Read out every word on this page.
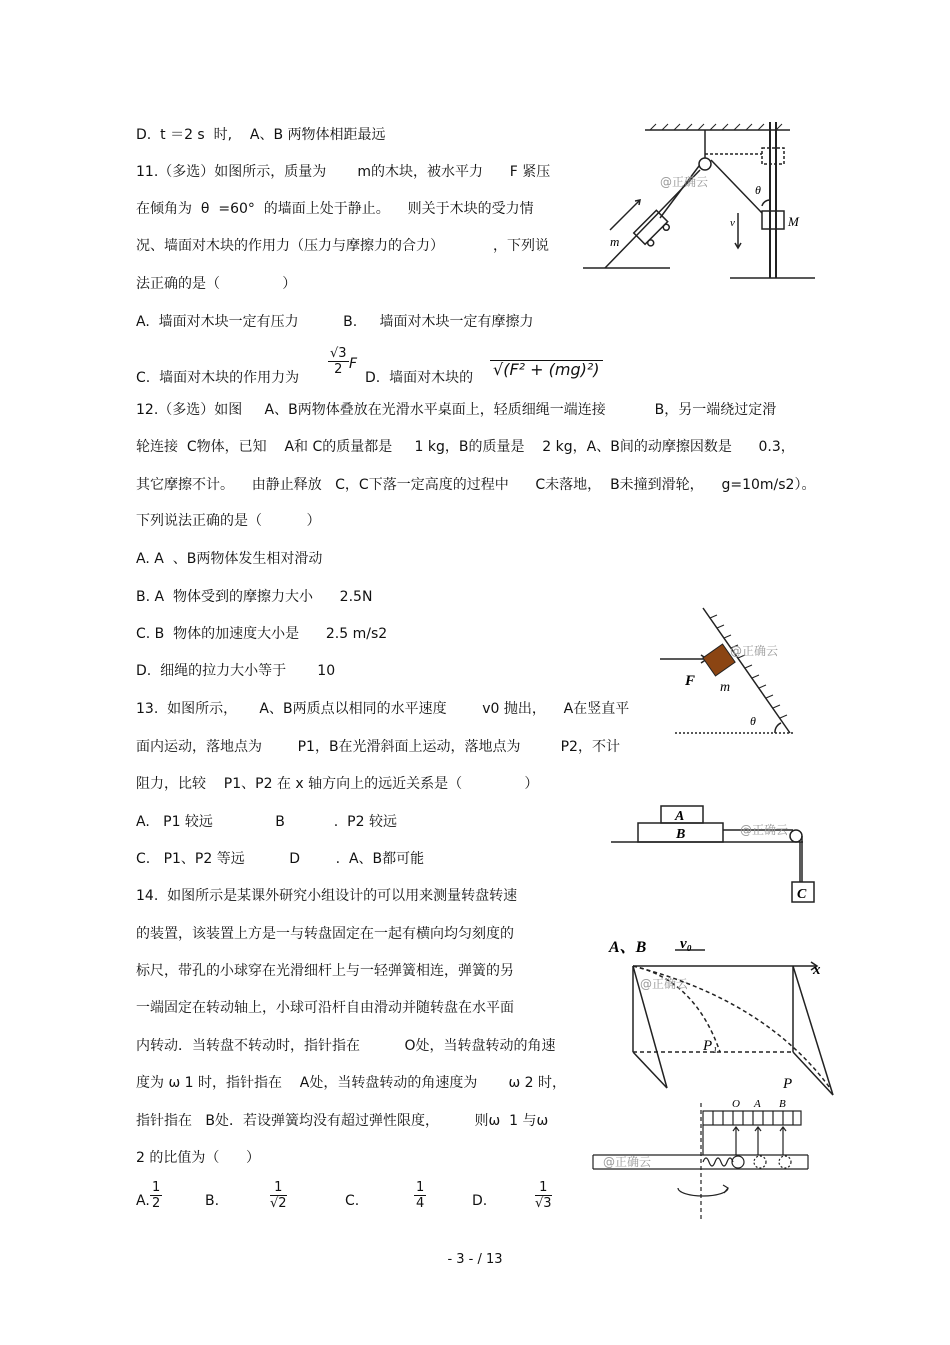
D.  t ＝2 s  时,    A、B 两物体相距最远
11.（多选）如图所示，质量为       m的木块，被水平力      F 紧压
在倾角为  θ  =60°  的墙面上处于静止。    则关于木块的受力情
况、墙面对木块的作用力（压力与摩擦力的合力）           ，下列说
法正确的是（              ）
A.  墙面对木块一定有压力          B.     墙面对木块一定有摩擦力
C.  墙面对木块的作用力为
$\frac{√3}{2}$ F
D.  墙面对木块的 √(F² + (mg)²)
12.（多选）如图     A、B两物体叠放在光滑水平桌面上，轻质细绳一端连接           B，另一端绕过定滑
轮连接  C物体，已知    A和 C的质量都是     1 kg，B的质量是    2 kg，A、B间的动摩擦因数是      0.3，
其它摩擦不计。    由静止释放   C，C下落一定高度的过程中      C未落地，  B未撞到滑轮，    g=10m/s2）。
下列说法正确的是（          ）
A. A  、B两物体发生相对滑动
B. A  物体受到的摩擦力大小      2.5N
C. B  物体的加速度大小是      2.5 m/s2
D.  细绳的拉力大小等于       10
13.  如图所示，     A、B两质点以相同的水平速度        v0 抛出，    A在竖直平
面内运动，落地点为        P1，B在光滑斜面上运动，落地点为         P2，不计
阻力，比较    P1、P2 在 x 轴方向上的远近关系是（              ）
A.   P1 较远              B           .  P2 较远
C.   P1、P2 等远          D        .  A、B都可能
14.  如图所示是某课外研究小组设计的可以用来测量转盘转速
的装置，该装置上方是一与转盘固定在一起有横向均匀刻度的
标尺，带孔的小球穿在光滑细杆上与一轻弹簧相连，弹簧的另
一端固定在转动轴上，小球可沿杆自由滑动并随转盘在水平面
内转动．当转盘不转动时，指针指在          O处，当转盘转动的角速
度为 ω 1 时，指针指在    A处，当转盘转动的角速度为       ω 2 时，
指针指在   B处．若设弹簧均没有超过弹性限度，        则ω  1 与ω
2 的比值为（      ）
A. $\frac{1}{2}$	B.	$\frac{1}{√2}$	C.	$\frac{1}{4}$	D.	$\frac{1}{√3}$
m
M
v
θ
@正确云
F m
θ
@正确云
A
B
C
@正确云
A、B v₀
x
P₁
P
@正确云
O A B
@正确云
- 3 - / 13
